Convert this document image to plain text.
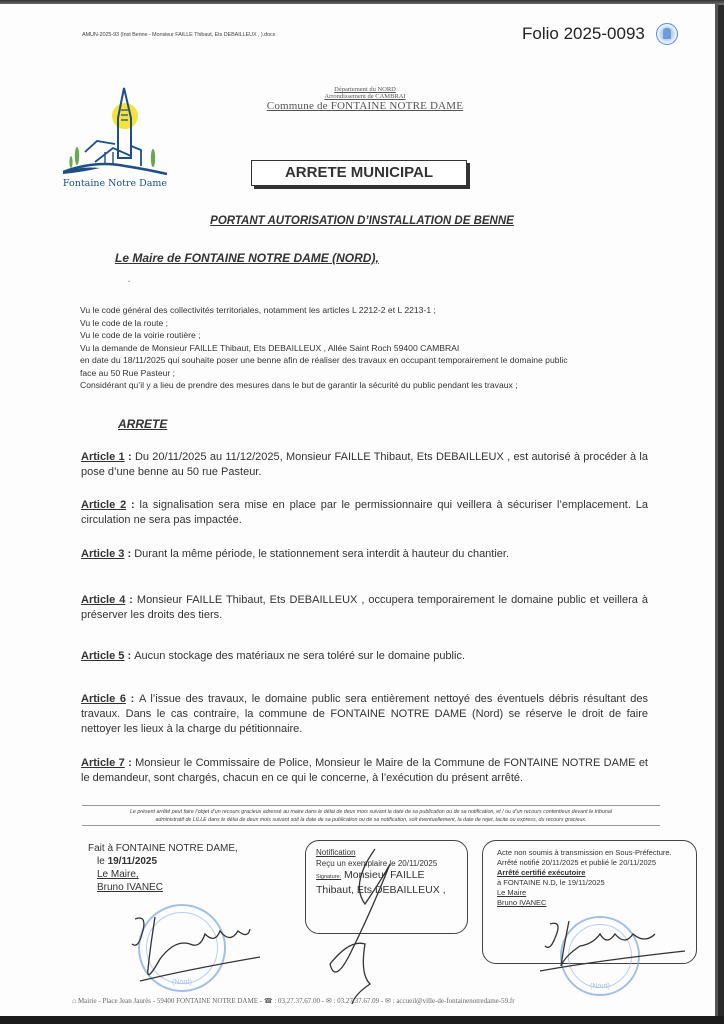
AMUN-2025-93 (Inst Benne - Monsieur FAILLE Thibaut, Ets DEBAILLEUX , ).docx	Folio 2025-0093
Fontaine Notre Dame
Département du NORD
Arrondissement de CAMBRAI
Commune de FONTAINE NOTRE DAME
ARRETE MUNICIPAL
PORTANT AUTORISATION D’INSTALLATION DE BENNE
Le Maire de FONTAINE NOTRE DAME (NORD),
´
Vu le code général des collectivités territoriales, notamment les articles L 2212-2 et L 2213-1 ;
Vu le code de la route ;
Vu le code de la voirie routière ;
Vu la demande de Monsieur FAILLE Thibaut, Ets DEBAILLEUX , Allée Saint Roch 59400 CAMBRAI
en date du 18/11/2025 qui souhaite poser une benne afin de réaliser des travaux en occupant temporairement le domaine public
face au 50 Rue Pasteur ;
Considérant qu’il y a lieu de prendre des mesures dans le but de garantir la sécurité du public pendant les travaux ;
ARRETE
Article 1 : Du 20/11/2025 au 11/12/2025, Monsieur FAILLE Thibaut, Ets DEBAILLEUX , est autorisé à procéder à la pose d’une benne au 50 rue Pasteur.
Article 2 : la signalisation sera mise en place par le permissionnaire qui veillera à sécuriser l’emplacement. La circulation ne sera pas impactée.
Article 3 : Durant la même période, le stationnement sera interdit à hauteur du chantier.
Article 4 : Monsieur FAILLE Thibaut, Ets DEBAILLEUX , occupera temporairement le domaine public et veillera à préserver les droits des tiers.
Article 5 : Aucun stockage des matériaux ne sera toléré sur le domaine public.
Article 6 : A l’issue des travaux, le domaine public sera entièrement nettoyé des éventuels débris résultant des travaux. Dans le cas contraire, la commune de FONTAINE NOTRE DAME (Nord) se réserve le droit de faire nettoyer les lieux à la charge du pétitionnaire.
Article 7 : Monsieur le Commissaire de Police, Monsieur le Maire de la Commune de FONTAINE NOTRE DAME et le demandeur, sont chargés, chacun en ce qui le concerne, à l’exécution du présent arrêté.
Le présent arrêté peut faire l’objet d’un recours gracieux adressé au maire dans le délai de deux mois suivant la date de sa publication ou de sa notification, et / ou d’un recours contentieux devant le tribunal
administratif de LILLE dans le délai de deux mois suivant soit la date de sa publication ou de sa notification, soit éventuellement, la date de rejet, tacite ou express, du recours gracieux.
Fait à FONTAINE NOTRE DAME,
le 19/11/2025
Le Maire,
Bruno IVANEC
(Nord)
Notification
Reçu un exemplaire le 20/11/2025
Signature: Monsieur FAILLE
Thibaut, Ets DEBAILLEUX ,
Acte non soumis à transmission en Sous-Préfecture.
Arrêté notifié 20/11/2025 et publié le 20/11/2025
Arrêté certifié exécutoire
à FONTAINE N.D, le 19/11/2025
Le Maire
Bruno IVANEC
(Nord)
⌂ Mairie - Place Jean Jaurès - 59400 FONTAINE NOTRE DAME - ☎ : 03.27.37.67.00 - ✉ : 03.27.37.67.09 - ✉ : accueil@ville-de-fontainenotredame-59.fr
